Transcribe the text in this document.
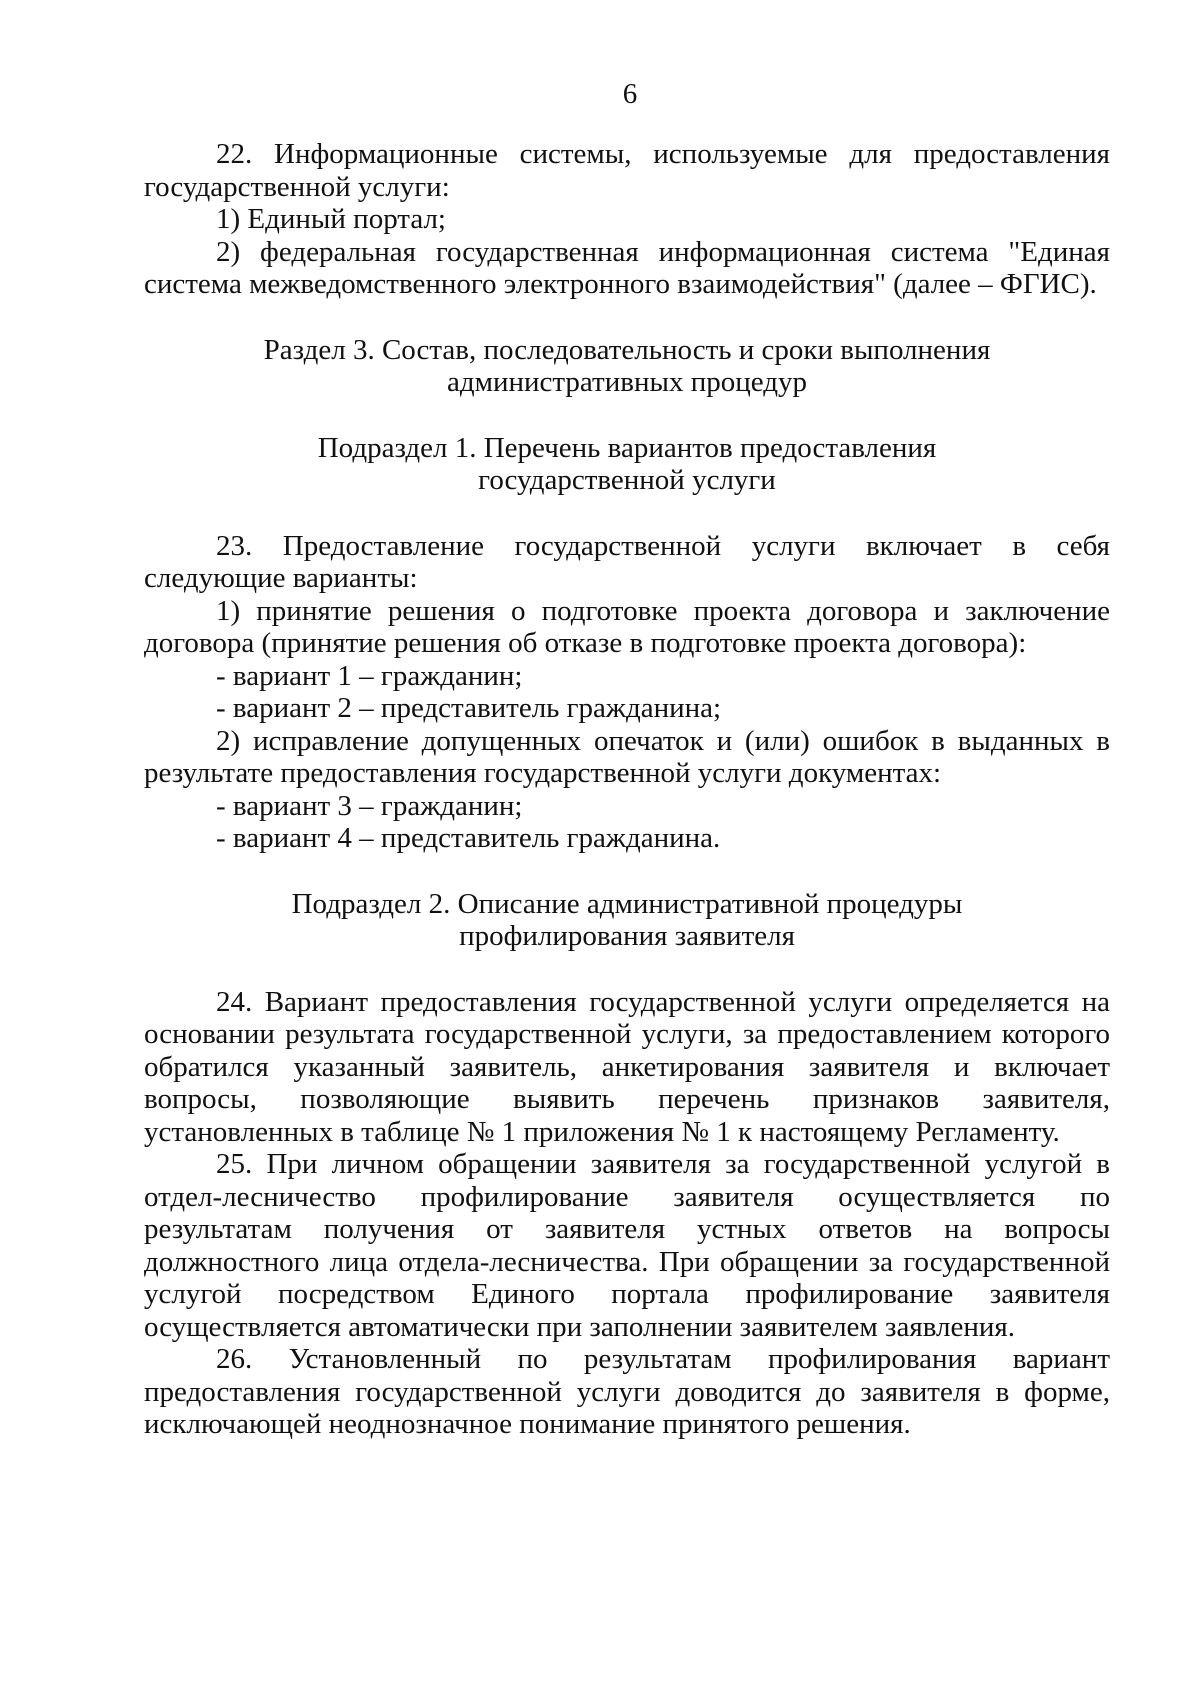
6

22. Информационные системы, используемые для предоставления государственной услуги:

1) Единый портал;

2) федеральная государственная информационная система "Единая система межведомственного электронного взаимодействия" (далее – ФГИС).

Раздел 3. Состав, последовательность и сроки выполнения
административных процедур
Подраздел 1. Перечень вариантов предоставления
государственной услуги

23. Предоставление государственной услуги включает в себя следующие варианты:

1) принятие решения о подготовке проекта договора и заключение договора (принятие решения об отказе в подготовке проекта договора):

- вариант 1 – гражданин;

- вариант 2 – представитель гражданина;

2) исправление допущенных опечаток и (или) ошибок в выданных в результате предоставления государственной услуги документах:

- вариант 3 – гражданин;

- вариант 4 – представитель гражданина.

Подраздел 2. Описание административной процедуры
профилирования заявителя

24. Вариант предоставления государственной услуги определяется на основании результата государственной услуги, за предоставлением которого обратился указанный заявитель, анкетирования заявителя и включает вопросы, позволяющие выявить перечень признаков заявителя, установленных в таблице № 1 приложения № 1 к настоящему Регламенту.

25. При личном обращении заявителя за государственной услугой в отдел-лесничество профилирование заявителя осуществляется по результатам получения от заявителя устных ответов на вопросы должностного лица отдела-лесничества. При обращении за государственной услугой посредством Единого портала профилирование заявителя осуществляется автоматически при заполнении заявителем заявления.

26. Установленный по результатам профилирования вариант предоставления государственной услуги доводится до заявителя в форме, исключающей неоднозначное понимание принятого решения.
